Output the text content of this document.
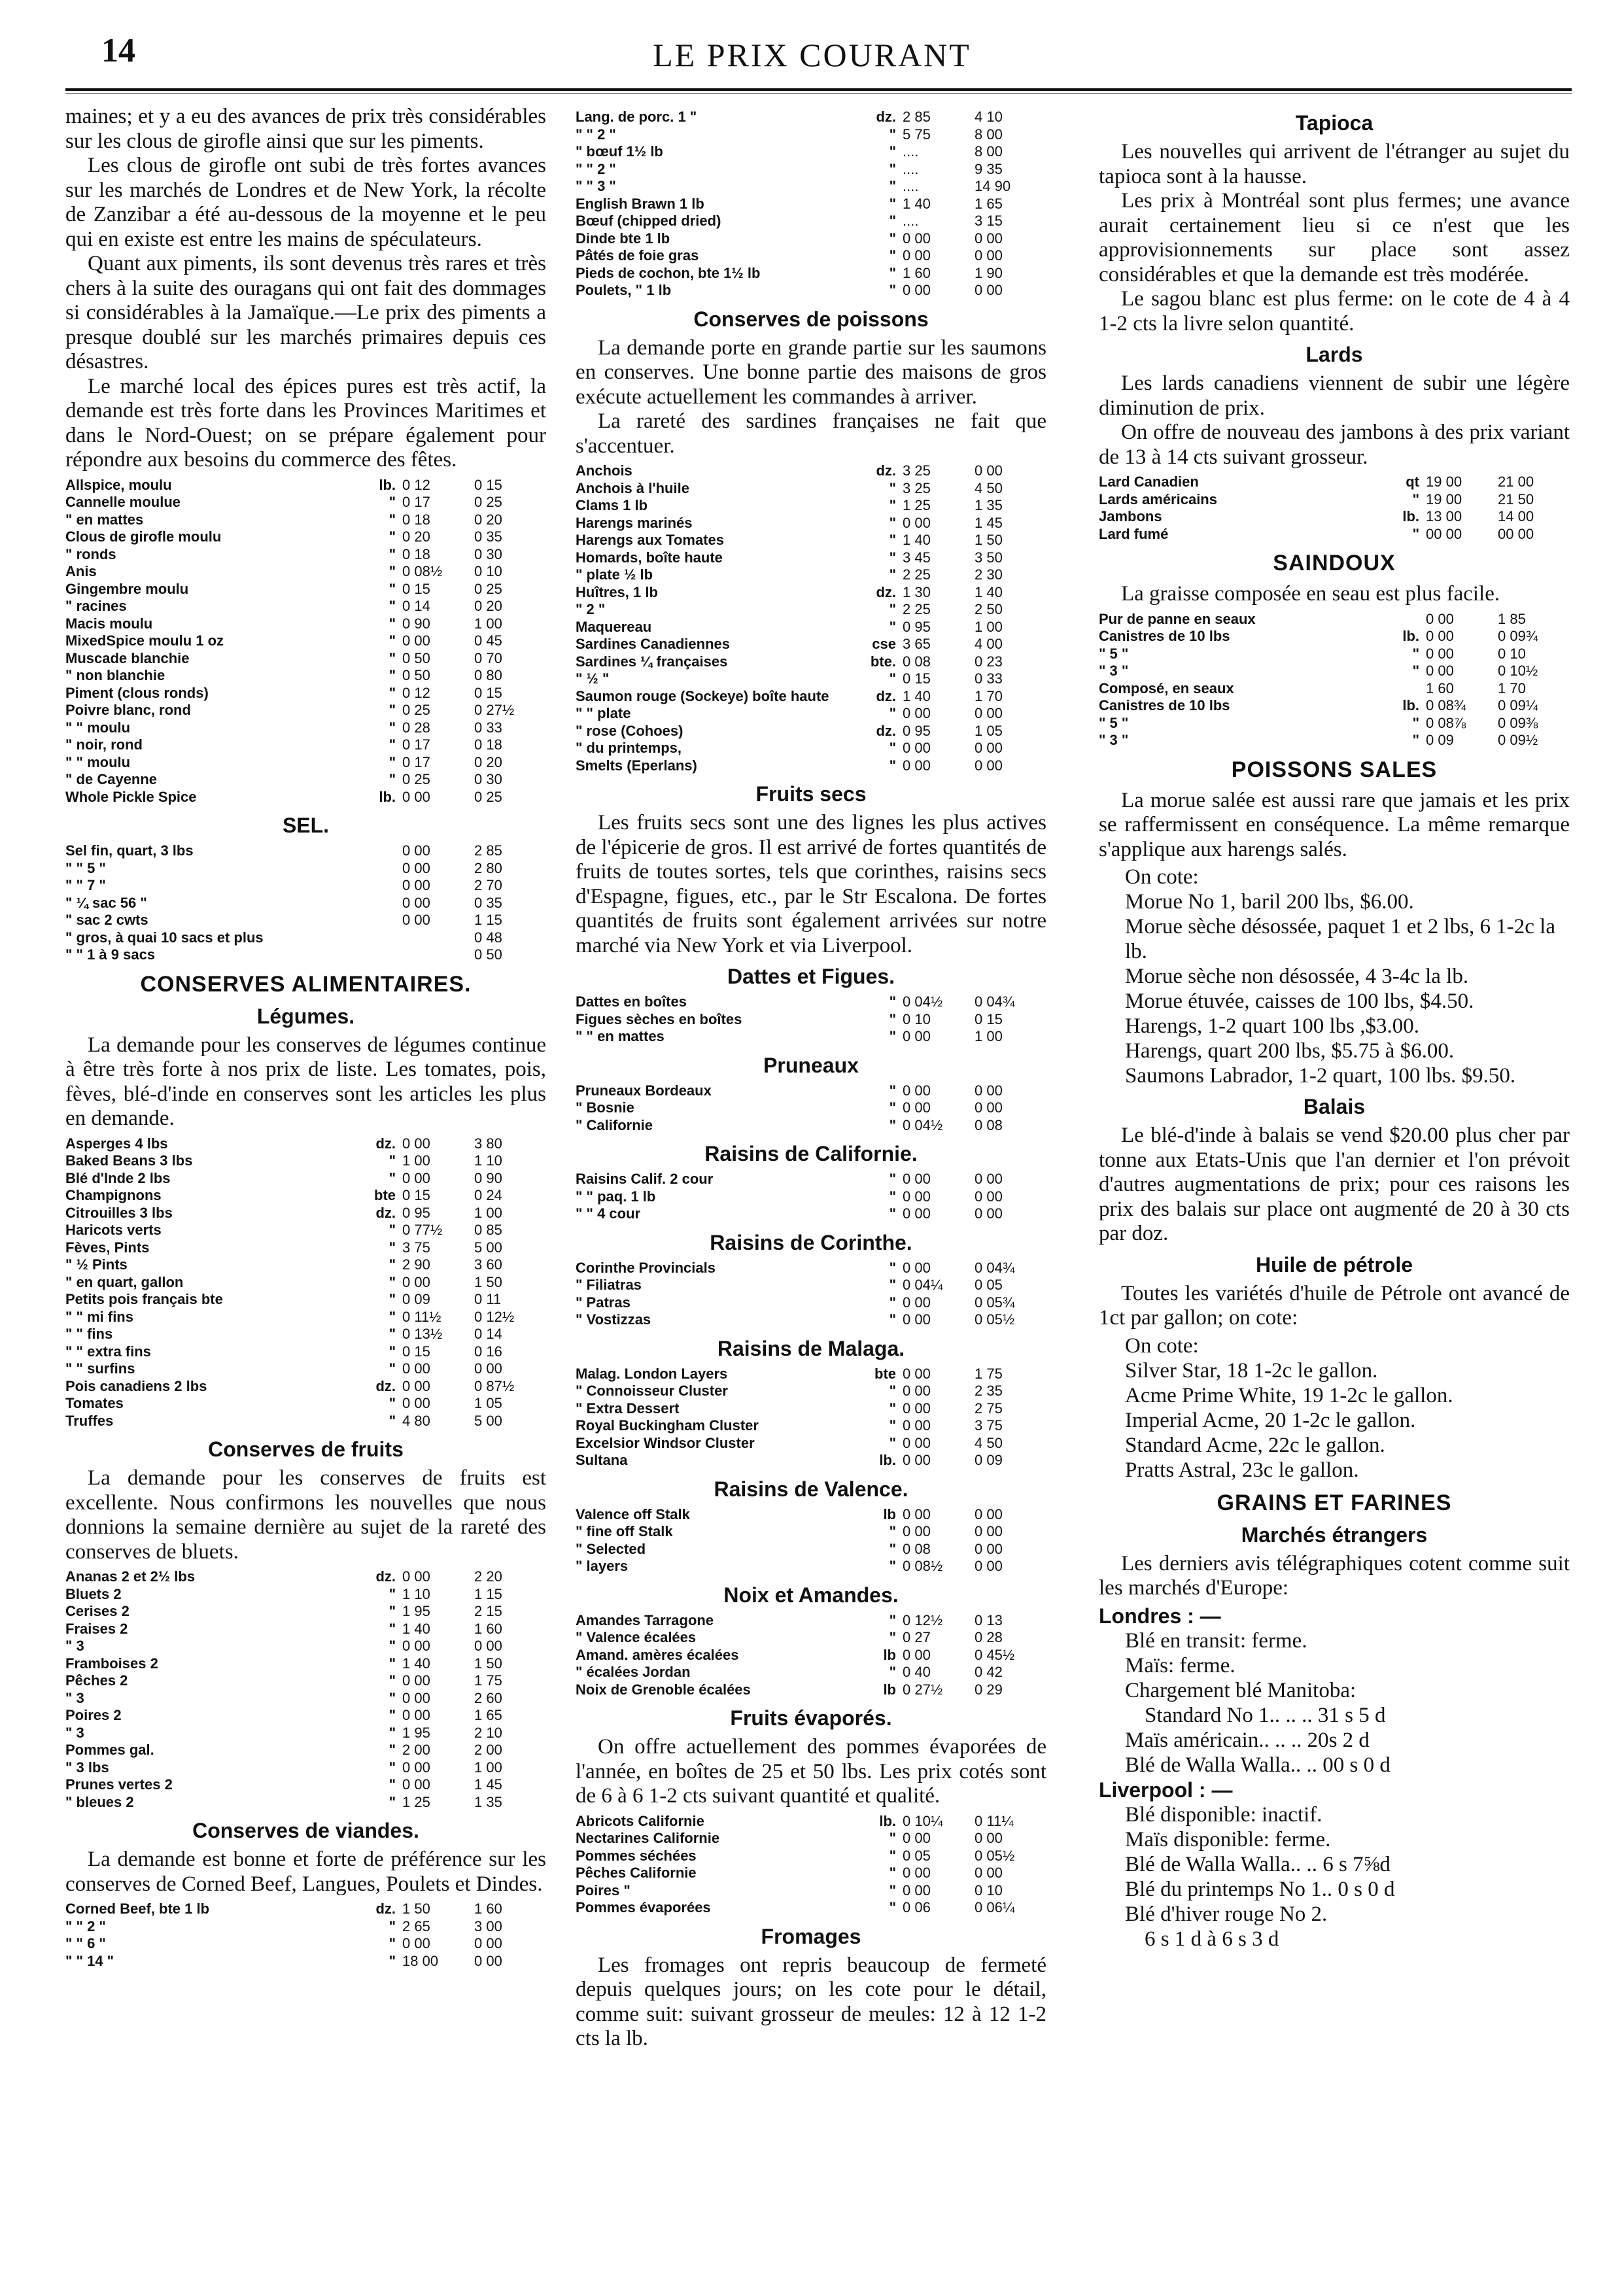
14	LE PRIX COURANT

maines; et y a eu des avances de prix très considérables sur les clous de girofle ainsi que sur les piments.

Les clous de girofle ont subi de très fortes avances sur les marchés de Londres et de New York, la récolte de Zanzibar a été au-dessous de la moyenne et le peu qui en existe est entre les mains de spéculateurs.

Quant aux piments, ils sont devenus très rares et très chers à la suite des ouragans qui ont fait des dommages si considérables à la Jamaïque.—Le prix des piments a presque doublé sur les marchés primaires depuis ces désastres.

Le marché local des épices pures est très actif, la demande est très forte dans les Provinces Maritimes et dans le Nord-Ouest; on se prépare également pour répondre aux besoins du commerce des fêtes.

Allspice, moulu	lb.	0 12	0 15
Cannelle moulue	"	0 17	0 25
" en mattes	"	0 18	0 20
Clous de girofle moulu	"	0 20	0 35
" ronds	"	0 18	0 30
Anis	"	0 08½	0 10
Gingembre moulu	"	0 15	0 25
" racines	"	0 14	0 20
Macis moulu	"	0 90	1 00
MixedSpice moulu 1 oz	"	0 00	0 45
Muscade blanchie	"	0 50	0 70
" non blanchie	"	0 50	0 80
Piment (clous ronds)	"	0 12	0 15
Poivre blanc, rond	"	0 25	0 27½
" " moulu	"	0 28	0 33
" noir, rond	"	0 17	0 18
" " moulu	"	0 17	0 20
" de Cayenne	"	0 25	0 30
Whole Pickle Spice	lb.	0 00	0 25
SEL.
Sel fin, quart, 3 lbs		0 00	2 85
" " 5 "		0 00	2 80
" " 7 "		0 00	2 70
" ¼ sac 56 "		0 00	0 35
" sac 2 cwts		0 00	1 15
" gros, à quai 10 sacs et plus			0 48
" " 1 à 9 sacs			0 50
CONSERVES ALIMENTAIRES.
Légumes.

La demande pour les conserves de légumes continue à être très forte à nos prix de liste. Les tomates, pois, fèves, blé-d'inde en conserves sont les articles les plus en demande.

Asperges 4 lbs	dz.	0 00	3 80
Baked Beans 3 lbs	"	1 00	1 10
Blé d'Inde 2 lbs	"	0 00	0 90
Champignons	bte	0 15	0 24
Citrouilles 3 lbs	dz.	0 95	1 00
Haricots verts	"	0 77½	0 85
Fèves, Pints	"	3 75	5 00
" ½ Pints	"	2 90	3 60
" en quart, gallon	"	0 00	1 50
Petits pois français bte	"	0 09	0 11
" " mi fins	"	0 11½	0 12½
" " fins	"	0 13½	0 14
" " extra fins	"	0 15	0 16
" " surfins	"	0 00	0 00
Pois canadiens 2 lbs	dz.	0 00	0 87½
Tomates	"	0 00	1 05
Truffes	"	4 80	5 00
Conserves de fruits

La demande pour les conserves de fruits est excellente. Nous confirmons les nouvelles que nous donnions la semaine dernière au sujet de la rareté des conserves de bluets.

Ananas 2 et 2½ lbs	dz.	0 00	2 20
Bluets 2	"	1 10	1 15
Cerises 2	"	1 95	2 15
Fraises 2	"	1 40	1 60
" 3	"	0 00	0 00
Framboises 2	"	1 40	1 50
Pêches 2	"	0 00	1 75
" 3	"	0 00	2 60
Poires 2	"	0 00	1 65
" 3	"	1 95	2 10
Pommes gal.	"	2 00	2 00
" 3 lbs	"	0 00	1 00
Prunes vertes 2	"	0 00	1 45
" bleues 2	"	1 25	1 35
Conserves de viandes.

La demande est bonne et forte de préférence sur les conserves de Corned Beef, Langues, Poulets et Dindes.

Corned Beef, bte 1 lb	dz.	1 50	1 60
" " 2 "	"	2 65	3 00
" " 6 "	"	0 00	0 00
" " 14 "	"	18 00	0 00
Lang. de porc. 1 "	dz.	2 85	4 10
" " 2 "	"	5 75	8 00
" bœuf 1½ lb	"	....	8 00
" " 2 "	"	....	9 35
" " 3 "	"	....	14 90
English Brawn 1 lb	"	1 40	1 65
Bœuf (chipped dried)	"	....	3 15
Dinde bte 1 lb	"	0 00	0 00
Pâtés de foie gras	"	0 00	0 00
Pieds de cochon, bte 1½ lb	"	1 60	1 90
Poulets, " 1 lb	"	0 00	0 00
Conserves de poissons

La demande porte en grande partie sur les saumons en conserves. Une bonne partie des maisons de gros exécute actuellement les commandes à arriver.

La rareté des sardines françaises ne fait que s'accentuer.

Anchois	dz.	3 25	0 00
Anchois à l'huile	"	3 25	4 50
Clams 1 lb	"	1 25	1 35
Harengs marinés	"	0 00	1 45
Harengs aux Tomates	"	1 40	1 50
Homards, boîte haute	"	3 45	3 50
" plate ½ lb	"	2 25	2 30
Huîtres, 1 lb	dz.	1 30	1 40
" 2 "	"	2 25	2 50
Maquereau	"	0 95	1 00
Sardines Canadiennes	cse	3 65	4 00
Sardines ¼ françaises	bte.	0 08	0 23
" ½ "	"	0 15	0 33
Saumon rouge (Sockeye) boîte haute	dz.	1 40	1 70
" " plate	"	0 00	0 00
" rose (Cohoes)	dz.	0 95	1 05
" du printemps,	"	0 00	0 00
Smelts (Eperlans)	"	0 00	0 00
Fruits secs

Les fruits secs sont une des lignes les plus actives de l'épicerie de gros. Il est arrivé de fortes quantités de fruits de toutes sortes, tels que corinthes, raisins secs d'Espagne, figues, etc., par le Str Escalona. De fortes quantités de fruits sont également arrivées sur notre marché via New York et via Liverpool.

Dattes et Figues.
Dattes en boîtes	"	0 04½	0 04¾
Figues sèches en boîtes	"	0 10	0 15
" " en mattes	"	0 00	1 00
Pruneaux
Pruneaux Bordeaux	"	0 00	0 00
" Bosnie	"	0 00	0 00
" Californie	"	0 04½	0 08
Raisins de Californie.
Raisins Calif. 2 cour	"	0 00	0 00
" " paq. 1 lb	"	0 00	0 00
" " 4 cour	"	0 00	0 00
Raisins de Corinthe.
Corinthe Provincials	"	0 00	0 04¾
" Filiatras	"	0 04¼	0 05
" Patras	"	0 00	0 05¾
" Vostizzas	"	0 00	0 05½
Raisins de Malaga.
Malag. London Layers	bte	0 00	1 75
" Connoisseur Cluster	"	0 00	2 35
" Extra Dessert	"	0 00	2 75
Royal Buckingham Cluster	"	0 00	3 75
Excelsior Windsor Cluster	"	0 00	4 50
Sultana	lb.	0 00	0 09
Raisins de Valence.
Valence off Stalk	lb	0 00	0 00
" fine off Stalk	"	0 00	0 00
" Selected	"	0 08	0 00
" layers	"	0 08½	0 00
Noix et Amandes.
Amandes Tarragone	"	0 12½	0 13
" Valence écalées	"	0 27	0 28
Amand. amères écalées	lb	0 00	0 45½
" écalées Jordan	"	0 40	0 42
Noix de Grenoble écalées	lb	0 27½	0 29
Fruits évaporés.

On offre actuellement des pommes évaporées de l'année, en boîtes de 25 et 50 lbs. Les prix cotés sont de 6 à 6 1-2 cts suivant quantité et qualité.

Abricots Californie	lb.	0 10¼	0 11¼
Nectarines Californie	"	0 00	0 00
Pommes séchées	"	0 05	0 05½
Pêches Californie	"	0 00	0 00
Poires "	"	0 00	0 10
Pommes évaporées	"	0 06	0 06¼
Fromages

Les fromages ont repris beaucoup de fermeté depuis quelques jours; on les cote pour le détail, comme suit: suivant grosseur de meules: 12 à 12 1-2 cts la lb.

Tapioca

Les nouvelles qui arrivent de l'étranger au sujet du tapioca sont à la hausse.

Les prix à Montréal sont plus fermes; une avance aurait certainement lieu si ce n'est que les approvisionnements sur place sont assez considérables et que la demande est très modérée.

Le sagou blanc est plus ferme: on le cote de 4 à 4 1-2 cts la livre selon quantité.

Lards

Les lards canadiens viennent de subir une légère diminution de prix.

On offre de nouveau des jambons à des prix variant de 13 à 14 cts suivant grosseur.

Lard Canadien	qt	19 00	21 00
Lards américains	"	19 00	21 50
Jambons	lb.	13 00	14 00
Lard fumé	"	00 00	00 00
SAINDOUX

La graisse composée en seau est plus facile.

Pur de panne en seaux		0 00	1 85
Canistres de 10 lbs	lb.	0 00	0 09¾
" 5 "	"	0 00	0 10
" 3 "	"	0 00	0 10½
Composé, en seaux		1 60	1 70
Canistres de 10 lbs	lb.	0 08¾	0 09¼
" 5 "	"	0 08⅞	0 09⅜
" 3 "	"	0 09	0 09½
POISSONS SALES

La morue salée est aussi rare que jamais et les prix se raffermissent en conséquence. La même remarque s'applique aux harengs salés.

On cote:
Morue No 1, baril 200 lbs, $6.00.
Morue sèche désossée, paquet 1 et 2 lbs, 6 1-2c la lb.
Morue sèche non désossée, 4 3-4c la lb.
Morue étuvée, caisses de 100 lbs, $4.50.
Harengs, 1-2 quart 100 lbs ,$3.00.
Harengs, quart 200 lbs, $5.75 à $6.00.
Saumons Labrador, 1-2 quart, 100 lbs. $9.50.
Balais

Le blé-d'inde à balais se vend $20.00 plus cher par tonne aux Etats-Unis que l'an dernier et l'on prévoit d'autres augmentations de prix; pour ces raisons les prix des balais sur place ont augmenté de 20 à 30 cts par doz.

Huile de pétrole

Toutes les variétés d'huile de Pétrole ont avancé de 1ct par gallon; on cote:

On cote:
Silver Star, 18 1-2c le gallon.
Acme Prime White, 19 1-2c le gallon.
Imperial Acme, 20 1-2c le gallon.
Standard Acme, 22c le gallon.
Pratts Astral, 23c le gallon.
GRAINS ET FARINES
Marchés étrangers

Les derniers avis télégraphiques cotent comme suit les marchés d'Europe:

Londres : —
Blé en transit: ferme.
Maïs: ferme.
Chargement blé Manitoba:
Standard No 1.. .. .. 31 s 5 d
Maïs américain.. .. .. 20s 2 d
Blé de Walla Walla.. .. 00 s 0 d
Liverpool : —
Blé disponible: inactif.
Maïs disponible: ferme.
Blé de Walla Walla.. .. 6 s 7⅝d
Blé du printemps No 1.. 0 s 0 d
Blé d'hiver rouge No 2.
6 s 1 d à 6 s 3 d
